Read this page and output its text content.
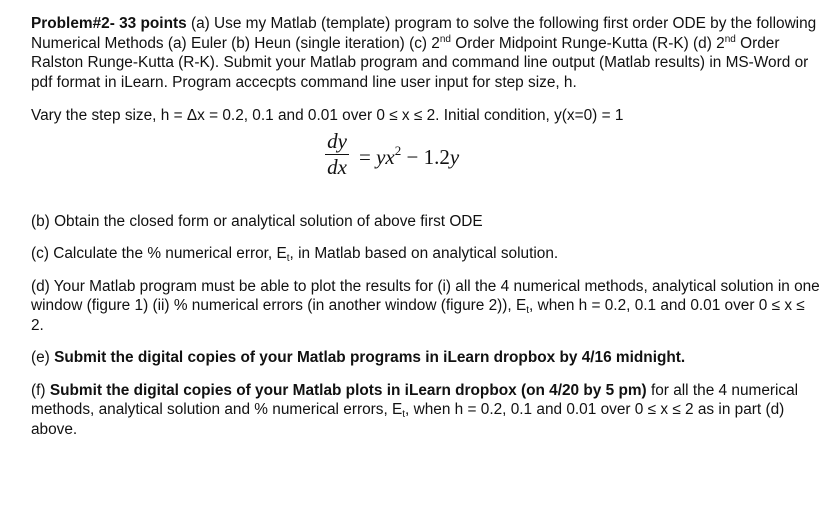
Problem#2- 33 points (a) Use my Matlab (template) program to solve the following first order ODE by the following Numerical Methods (a) Euler (b) Heun (single iteration) (c) 2nd Order Midpoint Runge-Kutta (R-K) (d) 2nd Order Ralston Runge-Kutta (R-K). Submit your Matlab program and command line output (Matlab results) in MS-Word or pdf format in iLearn. Program accecpts command line user input for step size, h.

Vary the step size, h = Δx = 0.2, 0.1 and 0.01 over 0 ≤ x ≤ 2. Initial condition, y(x=0) = 1

dy
dx = $yx^2 - 1.2y$

(b) Obtain the closed form or analytical solution of above first ODE

(c) Calculate the % numerical error, $E_t$, in Matlab based on analytical solution.

(d) Your Matlab program must be able to plot the results for (i) all the 4 numerical methods, analytical solution in one window (figure 1) (ii) % numerical errors (in another window (figure 2)), $E_t$, when h = 0.2, 0.1 and 0.01 over 0 ≤ x ≤ 2.

(e) Submit the digital copies of your Matlab programs in iLearn dropbox by 4/16 midnight.

(f) Submit the digital copies of your Matlab plots in iLearn dropbox (on 4/20 by 5 pm) for all the 4 numerical methods, analytical solution and % numerical errors, $E_t$, when h = 0.2, 0.1 and 0.01 over 0 ≤ x ≤ 2 as in part (d) above.
